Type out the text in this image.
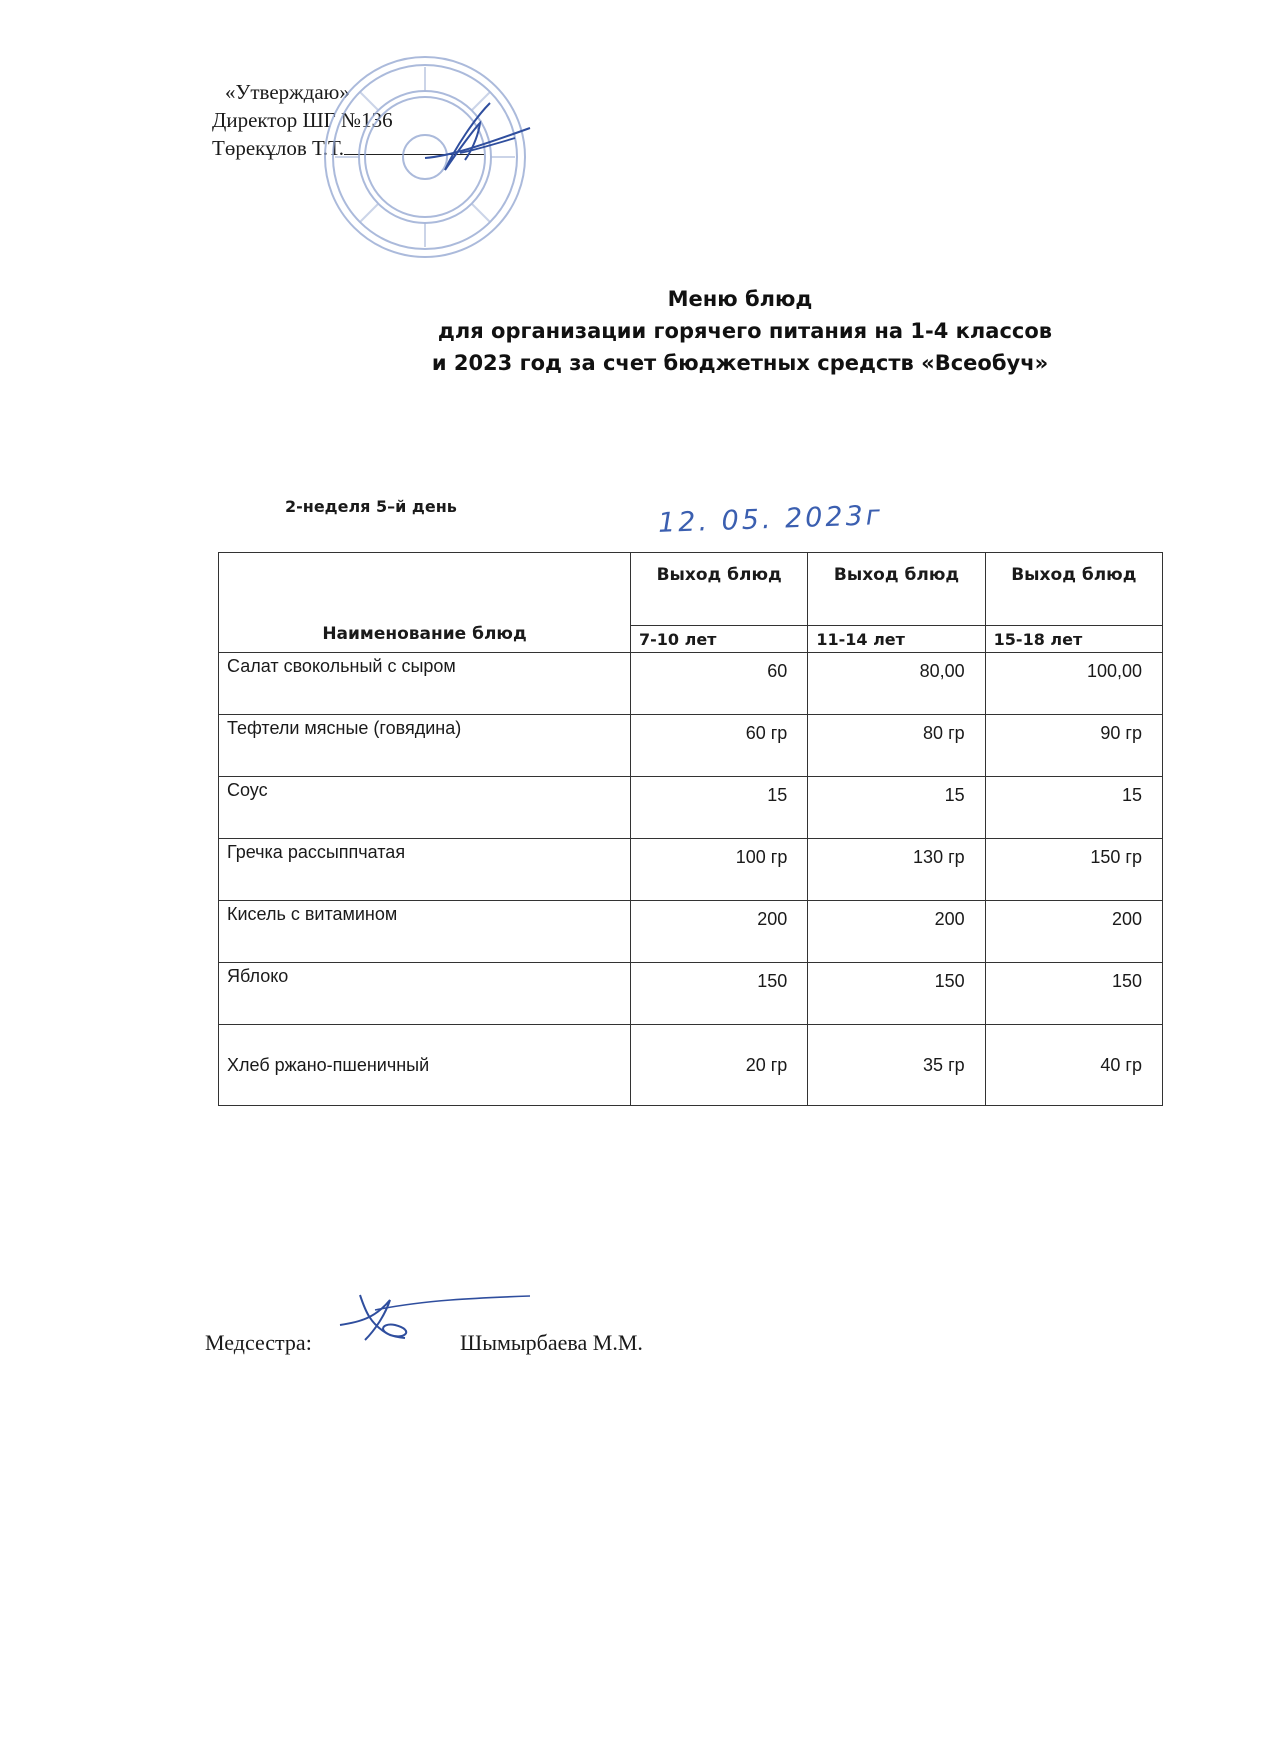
«Утверждаю»
Директор ШГ №136
Төрекұлов Т.Т.
Меню блюд
для организации горячего питания на 1-4 классов
и 2023 год за счет бюджетных средств «Всеобуч»
2-неделя 5–й день	12. 05. 2023г
Наименование блюд	Выход блюд	Выход блюд	Выход блюд
	7-10 лет	11-14 лет	15-18 лет
Салат свокольный с сыром	60	80,00	100,00
Тефтели мясные (говядина)	60 гр	80 гр	90 гр
Соус	15	15	15
Гречка рассыппчатая	100 гр	130 гр	150 гр
Кисель с витамином	200	200	200
Яблоко	150	150	150
Хлеб ржано-пшеничный	20 гр	35 гр	40 гр
Медсестра:	Шымырбаева М.М.
